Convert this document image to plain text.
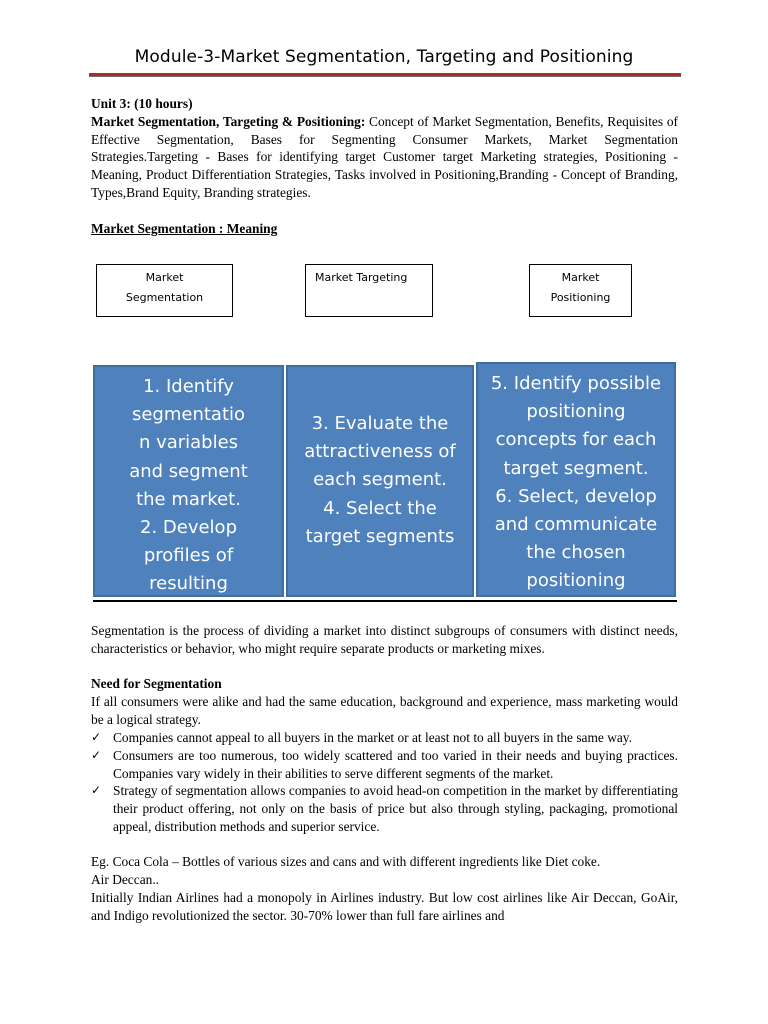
Module-3-Market Segmentation, Targeting and Positioning

Unit 3: (10 hours)

Market Segmentation, Targeting & Positioning: Concept of Market Segmentation, Benefits, Requisites of Effective Segmentation, Bases for Segmenting Consumer Markets, Market Segmentation Strategies.Targeting - Bases for identifying target Customer target Marketing strategies, Positioning - Meaning, Product Differentiation Strategies, Tasks involved in Positioning,Branding - Concept of Branding, Types,Brand Equity, Branding strategies.

Market Segmentation : Meaning
Market
Segmentation
Market Targeting	Market
Positioning
1. Identify
segmentatio
n variables
and segment
the market.
2. Develop
profiles of
resulting
3. Evaluate the
attractiveness of
each segment.
4. Select the
target segments
5. Identify possible
positioning
concepts for each
target segment.
6. Select, develop
and communicate
the chosen
positioning

Segmentation is the process of dividing a market into distinct subgroups of consumers with distinct needs, characteristics or behavior, who might require separate products or marketing mixes.

Need for Segmentation

If all consumers were alike and had the same education, background and experience, mass marketing would be a logical strategy.

✓ Companies cannot appeal to all buyers in the market or at least not to all buyers in the same way.
✓ Consumers are too numerous, too widely scattered and too varied in their needs and buying practices. Companies vary widely in their abilities to serve different segments of the market.
✓ Strategy of segmentation allows companies to avoid head-on competition in the market by differentiating their product offering, not only on the basis of price but also through styling, packaging, promotional appeal, distribution methods and superior service.

Eg. Coca Cola – Bottles of various sizes and cans and with different ingredients like Diet coke.

Air Deccan..

Initially Indian Airlines had a monopoly in Airlines industry. But low cost airlines like Air Deccan, GoAir, and Indigo revolutionized the sector. 30-70% lower than full fare airlines and
